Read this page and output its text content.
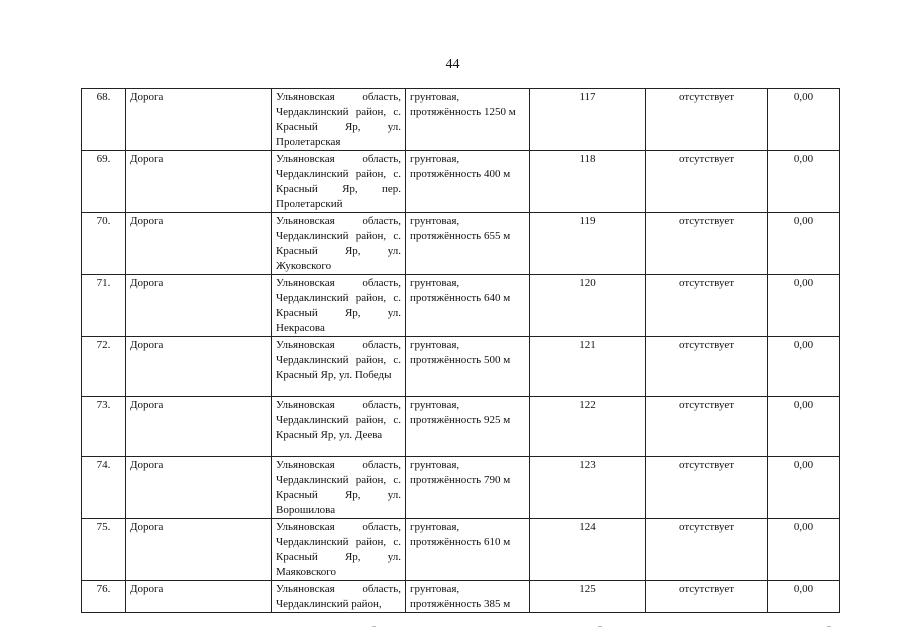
44
68.	Дорога	Ульяновская область, Чердаклинский район, с. Красный Яр, ул. Пролетарская	грунтовая, протяжённость 1250 м	117	отсутствует	0,00
69.	Дорога	Ульяновская область, Чердаклинский район, с. Красный Яр, пер. Пролетарский	грунтовая, протяжённость 400 м	118	отсутствует	0,00
70.	Дорога	Ульяновская область, Чердаклинский район, с. Красный Яр, ул. Жуковского	грунтовая, протяжённость 655 м	119	отсутствует	0,00
71.	Дорога	Ульяновская область, Чердаклинский район, с. Красный Яр, ул. Некрасова	грунтовая, протяжённость 640 м	120	отсутствует	0,00
72.	Дорога	Ульяновская область, Чердаклинский район, с. Красный Яр, ул. Победы	грунтовая, протяжённость 500 м	121	отсутствует	0,00
73.	Дорога	Ульяновская область, Чердаклинский район, с. Красный Яр, ул. Деева	грунтовая, протяжённость 925 м	122	отсутствует	0,00
74.	Дорога	Ульяновская область, Чердаклинский район, с. Красный Яр, ул. Ворошилова	грунтовая, протяжённость 790 м	123	отсутствует	0,00
75.	Дорога	Ульяновская область, Чердаклинский район, с. Красный Яр, ул. Маяковского	грунтовая, протяжённость 610 м	124	отсутствует	0,00
76.	Дорога	Ульяновская область, Чердаклинский район,	грунтовая, протяжённость 385 м	125	отсутствует	0,00
